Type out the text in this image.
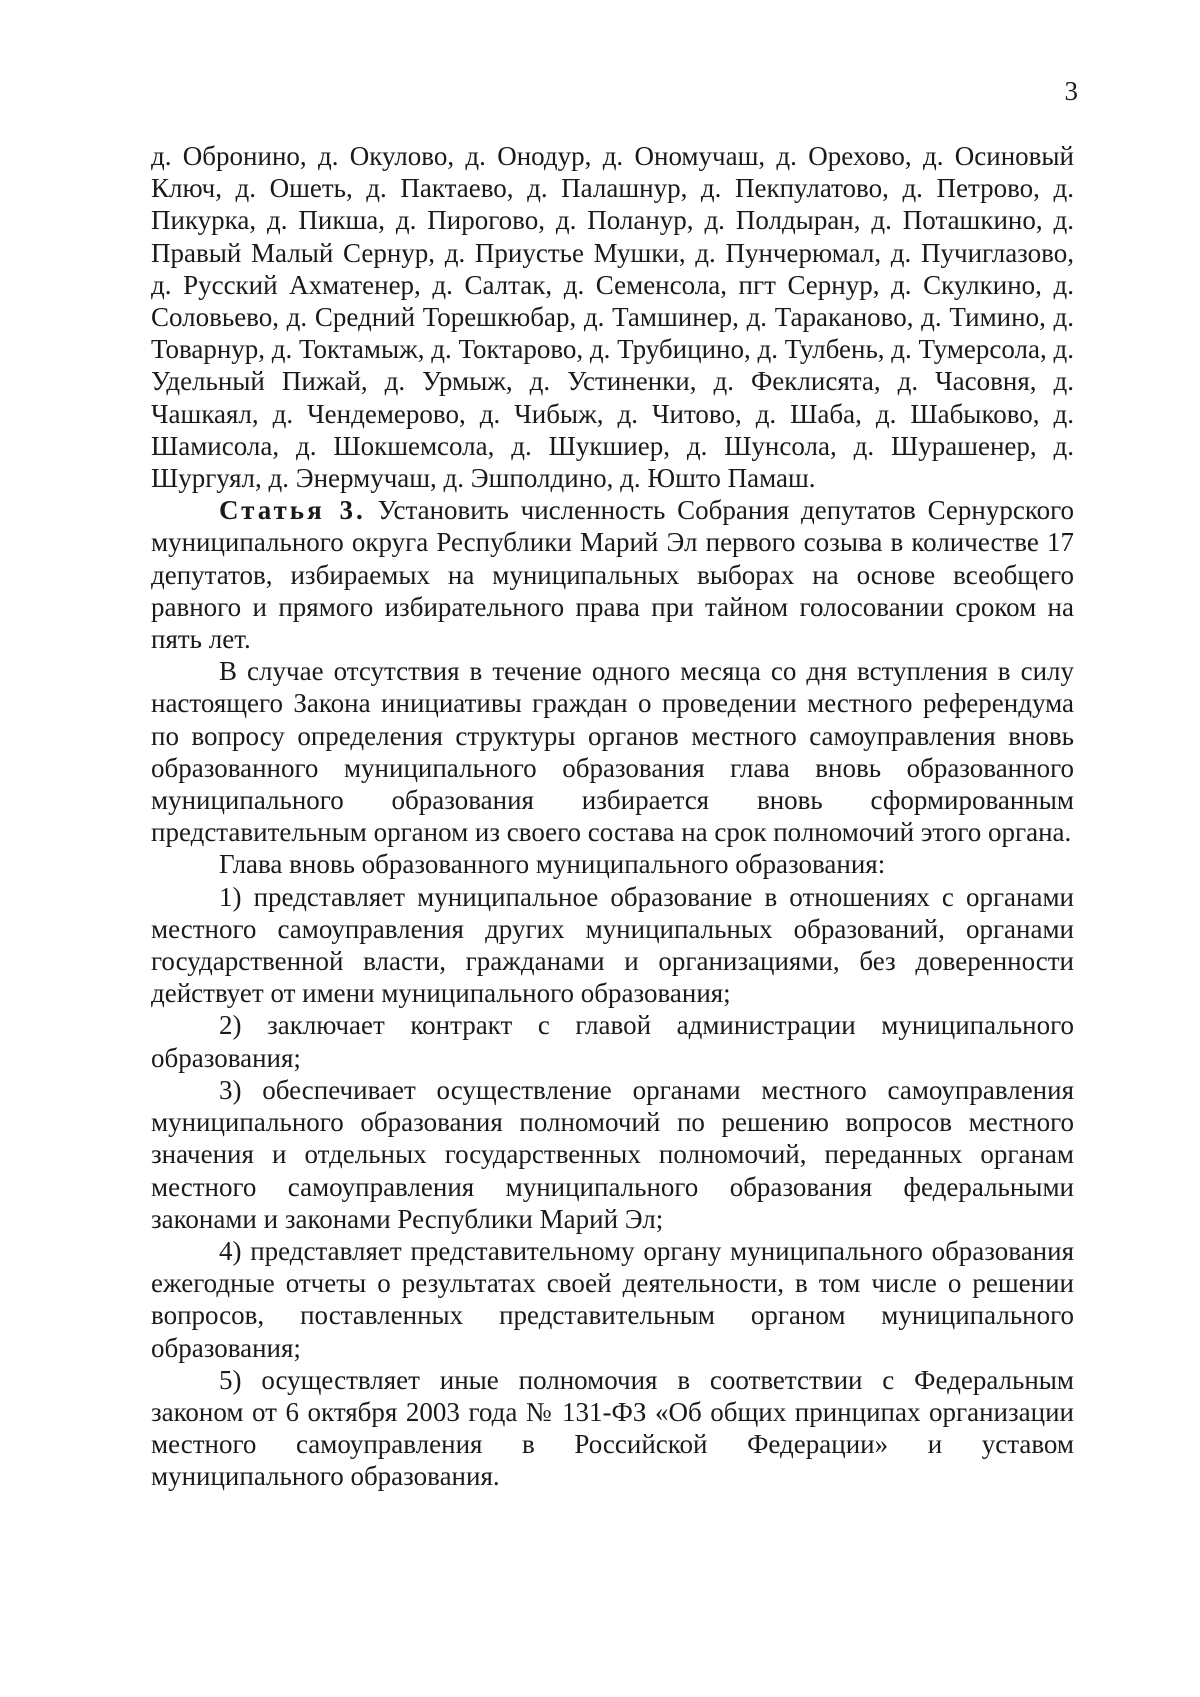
3

д. Обронино, д. Окулово, д. Онодур, д. Ономучаш, д. Орехово, д. Осиновый Ключ, д. Ошеть, д. Пактаево, д. Палашнур, д. Пекпулатово, д. Петрово, д. Пикурка, д. Пикша, д. Пирогово, д. Поланур, д. Полдыран, д. Поташкино, д. Правый Малый Сернур, д. Приустье Мушки, д. Пунчерюмал, д. Пучиглазово, д. Русский Ахматенер, д. Салтак, д. Семенсола, пгт Сернур, д. Скулкино, д. Соловьево, д. Средний Торешкюбар, д. Тамшинер, д. Тараканово, д. Тимино, д. Товарнур, д. Токтамыж, д. Токтарово, д. Трубицино, д. Тулбень, д. Тумерсола, д. Удельный Пижай, д. Урмыж, д. Устиненки, д. Феклисята, д. Часовня, д. Чашкаял, д. Чендемерово, д. Чибыж, д. Читово, д. Шаба, д. Шабыково, д. Шамисола, д. Шокшемсола, д. Шукшиер, д. Шунсола, д. Шурашенер, д. Шургуял, д. Энермучаш, д. Эшполдино, д. Юшто Памаш.

Статья 3. Установить численность Собрания депутатов Сернурского муниципального округа Республики Марий Эл первого созыва в количестве 17 депутатов, избираемых на муниципальных выборах на основе всеобщего равного и прямого избирательного права при тайном голосовании сроком на пять лет.

В случае отсутствия в течение одного месяца со дня вступления в силу настоящего Закона инициативы граждан о проведении местного референдума по вопросу определения структуры органов местного самоуправления вновь образованного муниципального образования глава вновь образованного муниципального образования избирается вновь сформированным представительным органом из своего состава на срок полномочий этого органа.

Глава вновь образованного муниципального образования:

1) представляет муниципальное образование в отношениях с органами местного самоуправления других муниципальных образований, органами государственной власти, гражданами и организациями, без доверенности действует от имени муниципального образования;

2) заключает контракт с главой администрации муниципального образования;

3) обеспечивает осуществление органами местного самоуправления муниципального образования полномочий по решению вопросов местного значения и отдельных государственных полномочий, переданных органам местного самоуправления муниципального образования федеральными законами и законами Республики Марий Эл;

4) представляет представительному органу муниципального образования ежегодные отчеты о результатах своей деятельности, в том числе о решении вопросов, поставленных представительным органом муниципального образования;

5) осуществляет иные полномочия в соответствии с Федеральным законом от 6 октября 2003 года № 131-ФЗ «Об общих принципах организации местного самоуправления в Российской Федерации» и уставом муниципального образования.
